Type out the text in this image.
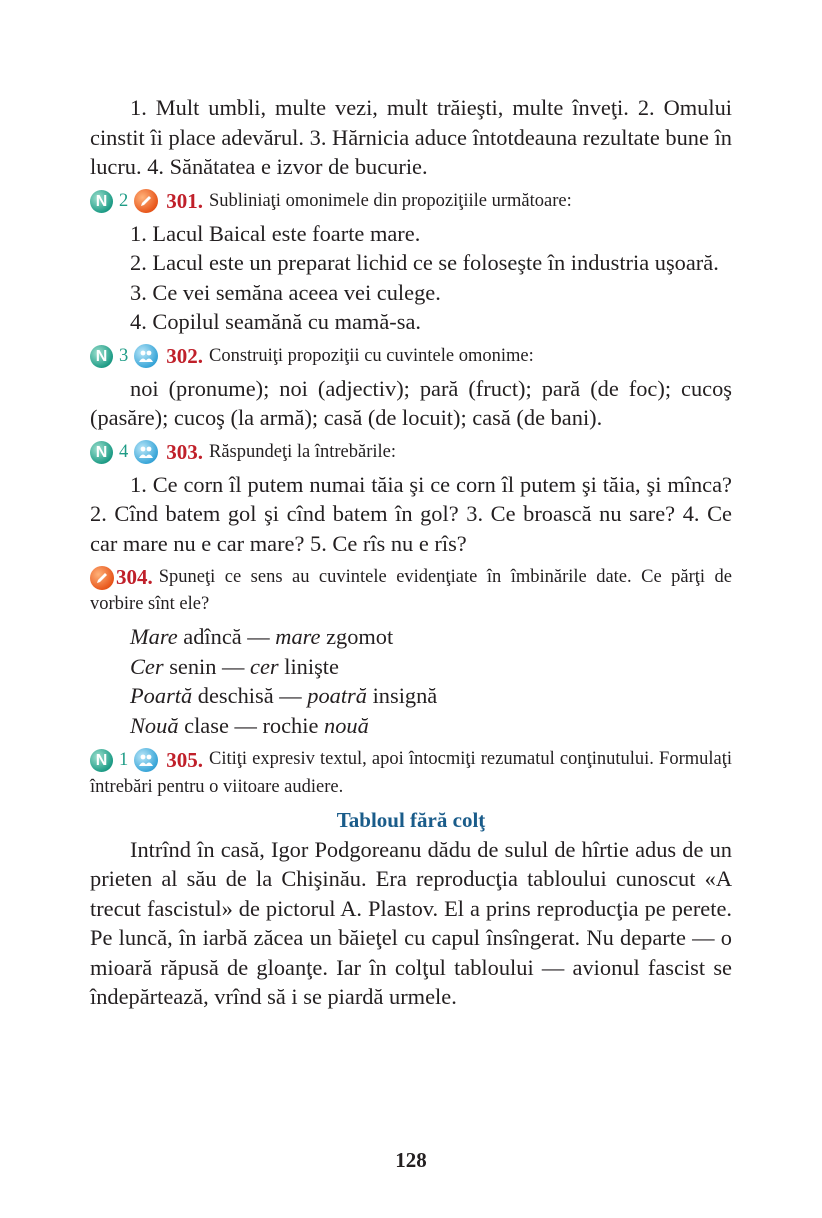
1. Mult umbli, multe vezi, mult trăieşti, multe înveţi. 2. Omului cinstit îi place adevărul. 3. Hărnicia aduce întotdeauna rezultate bune în lucru. 4. Sănătatea e izvor de bucurie.

N 2 301. Subliniaţi omonimele din propoziţiile următoare:

1. Lacul Baical este foarte mare.

2. Lacul este un preparat lichid ce se foloseşte în industria uşoară.

3. Ce vei semăna aceea vei culege.

4. Copilul seamănă cu mamă-sa.

N 3 302. Construiţi propoziţii cu cuvintele omonime:

noi (pronume); noi (adjectiv); pară (fruct); pară (de foc); cucoş (pasăre); cucoş (la armă); casă (de locuit); casă (de bani).

N 4 303. Răspundeţi la întrebările:

1. Ce corn îl putem numai tăia şi ce corn îl putem şi tăia, şi mînca? 2. Cînd batem gol şi cînd batem în gol? 3. Ce broască nu sare? 4. Ce car mare nu e car mare? 5. Ce rîs nu e rîs?

304. Spuneţi ce sens au cuvintele evidenţiate în îmbinările date. Ce părţi de vorbire sînt ele?
Mare adîncă — mare zgomot
Cer senin — cer linişte
Poartă deschisă — poatră insignă
Nouă clase — rochie nouă
N 1 305. Citiţi expresiv textul, apoi întocmiţi rezumatul conţinutului. Formulaţi întrebări pentru o viitoare audiere.
Tabloul fără colţ

Intrînd în casă, Igor Podgoreanu dădu de sulul de hîrtie adus de un prieten al său de la Chişinău. Era reproducţia tabloului cunoscut «A trecut fascistul» de pictorul A. Plastov. El a prins reproducţia pe perete. Pe luncă, în iarbă zăcea un băieţel cu capul însîngerat. Nu departe — o mioară răpusă de gloanţe. Iar în colţul tabloului — avionul fascist se îndepărtează, vrînd să i se piardă urmele.

128
